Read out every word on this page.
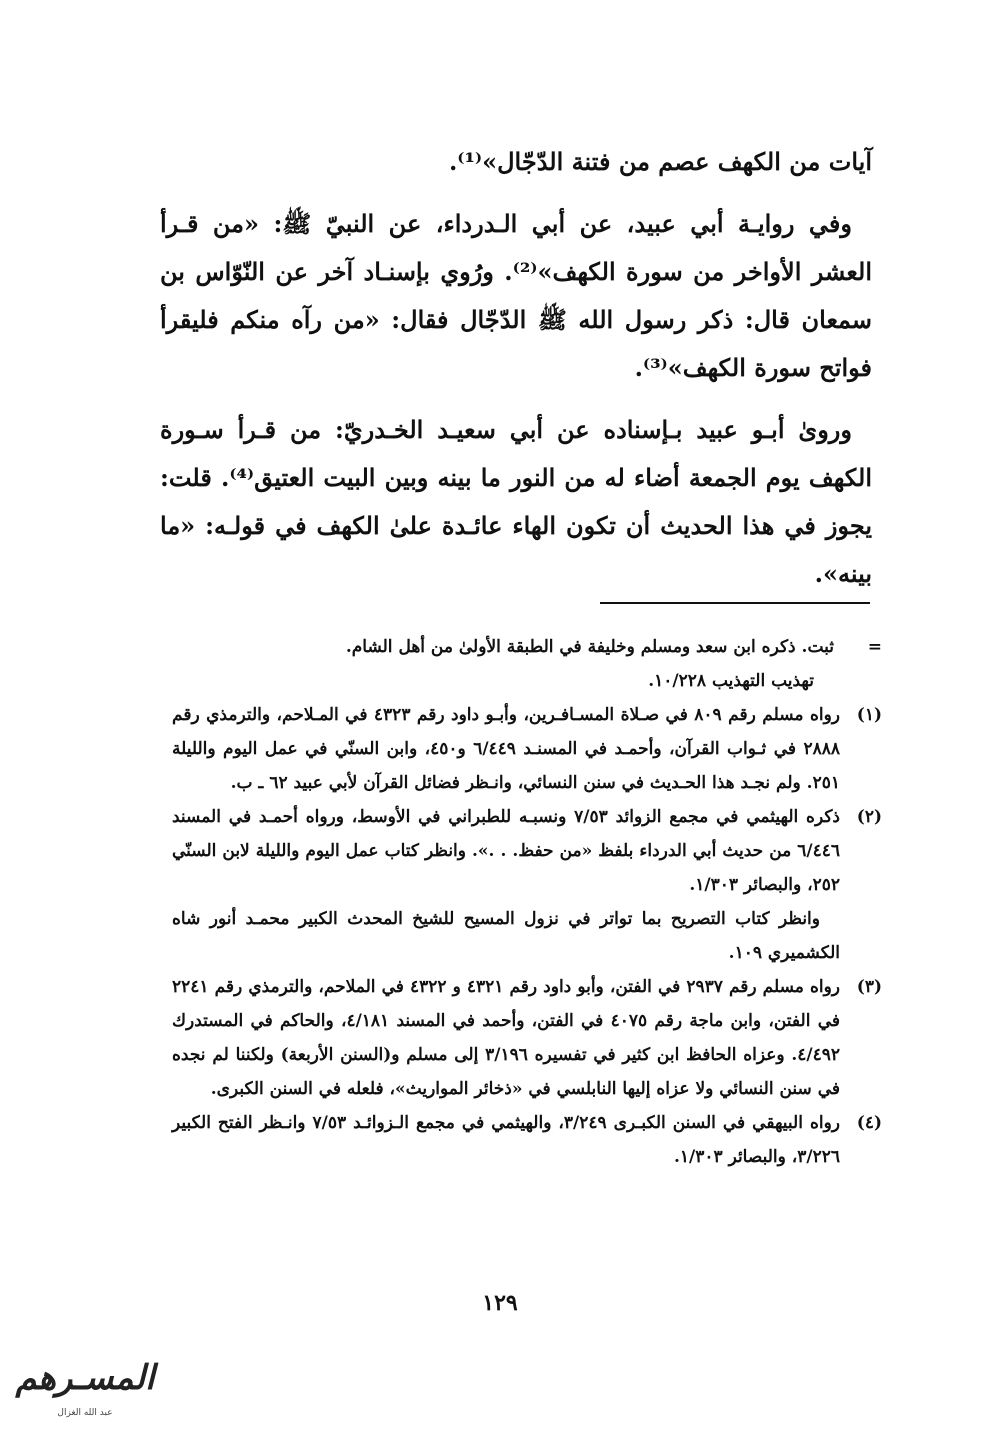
آيات من الكهف عصم من فتنة الدّجّال»⁽¹⁾.

وفي روايـة أبي عبيد، عن أبي الـدرداء، عن النبيّ ﷺ: «من قـرأ العشر الأواخر من سورة الكهف»⁽²⁾. ورُوي بإسنـاد آخر عن النّوّاس بن سمعان قال: ذكر رسول الله ﷺ الدّجّال فقال: «من رآه منكم فليقرأ فواتح سورة الكهف»⁽³⁾.

وروىٰ أبـو عبيد بـإسناده عن أبي سعيـد الخـدريّ: من قـرأ سـورة الكهف يوم الجمعة أضاء له من النور ما بينه وبين البيت العتيق⁽⁴⁾. قلت: يجوز في هذا الحديث أن تكون الهاء عائـدة علىٰ الكهف في قولـه: «ما بينه».

=
ثبت. ذكره ابن سعد ومسلم وخليفة في الطبقة الأولىٰ من أهل الشام.
تهذيب التهذيب ١٠/٢٢٨.
(١)
رواه مسلم رقم ٨٠٩ في صـلاة المسـافـرين، وأبـو داود رقم ٤٣٢٣ في المـلاحم، والترمذي رقم ٢٨٨٨ في ثـواب القرآن، وأحمـد في المسنـد ٦/٤٤٩ و٤٥٠، وابن السنّي في عمل اليوم والليلة ٢٥١. ولم نجـد هذا الحـديث في سنن النسائي، وانـظر فضائل القرآن لأبي عبيد ٦٢ ـ ب.
(٢)
ذكره الهيثمي في مجمع الزوائد ٧/٥٣ ونسبـه للطبراني في الأوسط، ورواه أحمـد في المسند ٦/٤٤٦ من حديث أبي الدرداء بلفظ «من حفظ. . .». وانظر كتاب عمل اليوم والليلة لابن السنّي ٢٥٢، والبصائر ١/٣٠٣.
وانظر كتاب التصريح بما تواتر في نزول المسيح للشيخ المحدث الكبير محمـد أنور شاه الكشميري ١٠٩.
(٣)
رواه مسلم رقم ٢٩٣٧ في الفتن، وأبو داود رقم ٤٣٢١ و ٤٣٢٢ في الملاحم، والترمذي رقم ٢٢٤١ في الفتن، وابن ماجة رقم ٤٠٧٥ في الفتن، وأحمد في المسند ٤/١٨١، والحاكم في المستدرك ٤/٤٩٢. وعزاه الحافظ ابن كثير في تفسيره ٣/١٩٦ إلى مسلم و(السنن الأربعة) ولكننا لم نجده في سنن النسائي ولا عزاه إليها النابلسي في «ذخائر المواريث»، فلعله في السنن الكبرى.
(٤)
رواه البيهقي في السنن الكبـرى ٣/٢٤٩، والهيثمي في مجمع الـزوائـد ٧/٥٣ وانـظر الفتح الكبير ٣/٢٢٦، والبصائر ١/٣٠٣.
١٢٩
المسـرهم
عبد الله الغزال
